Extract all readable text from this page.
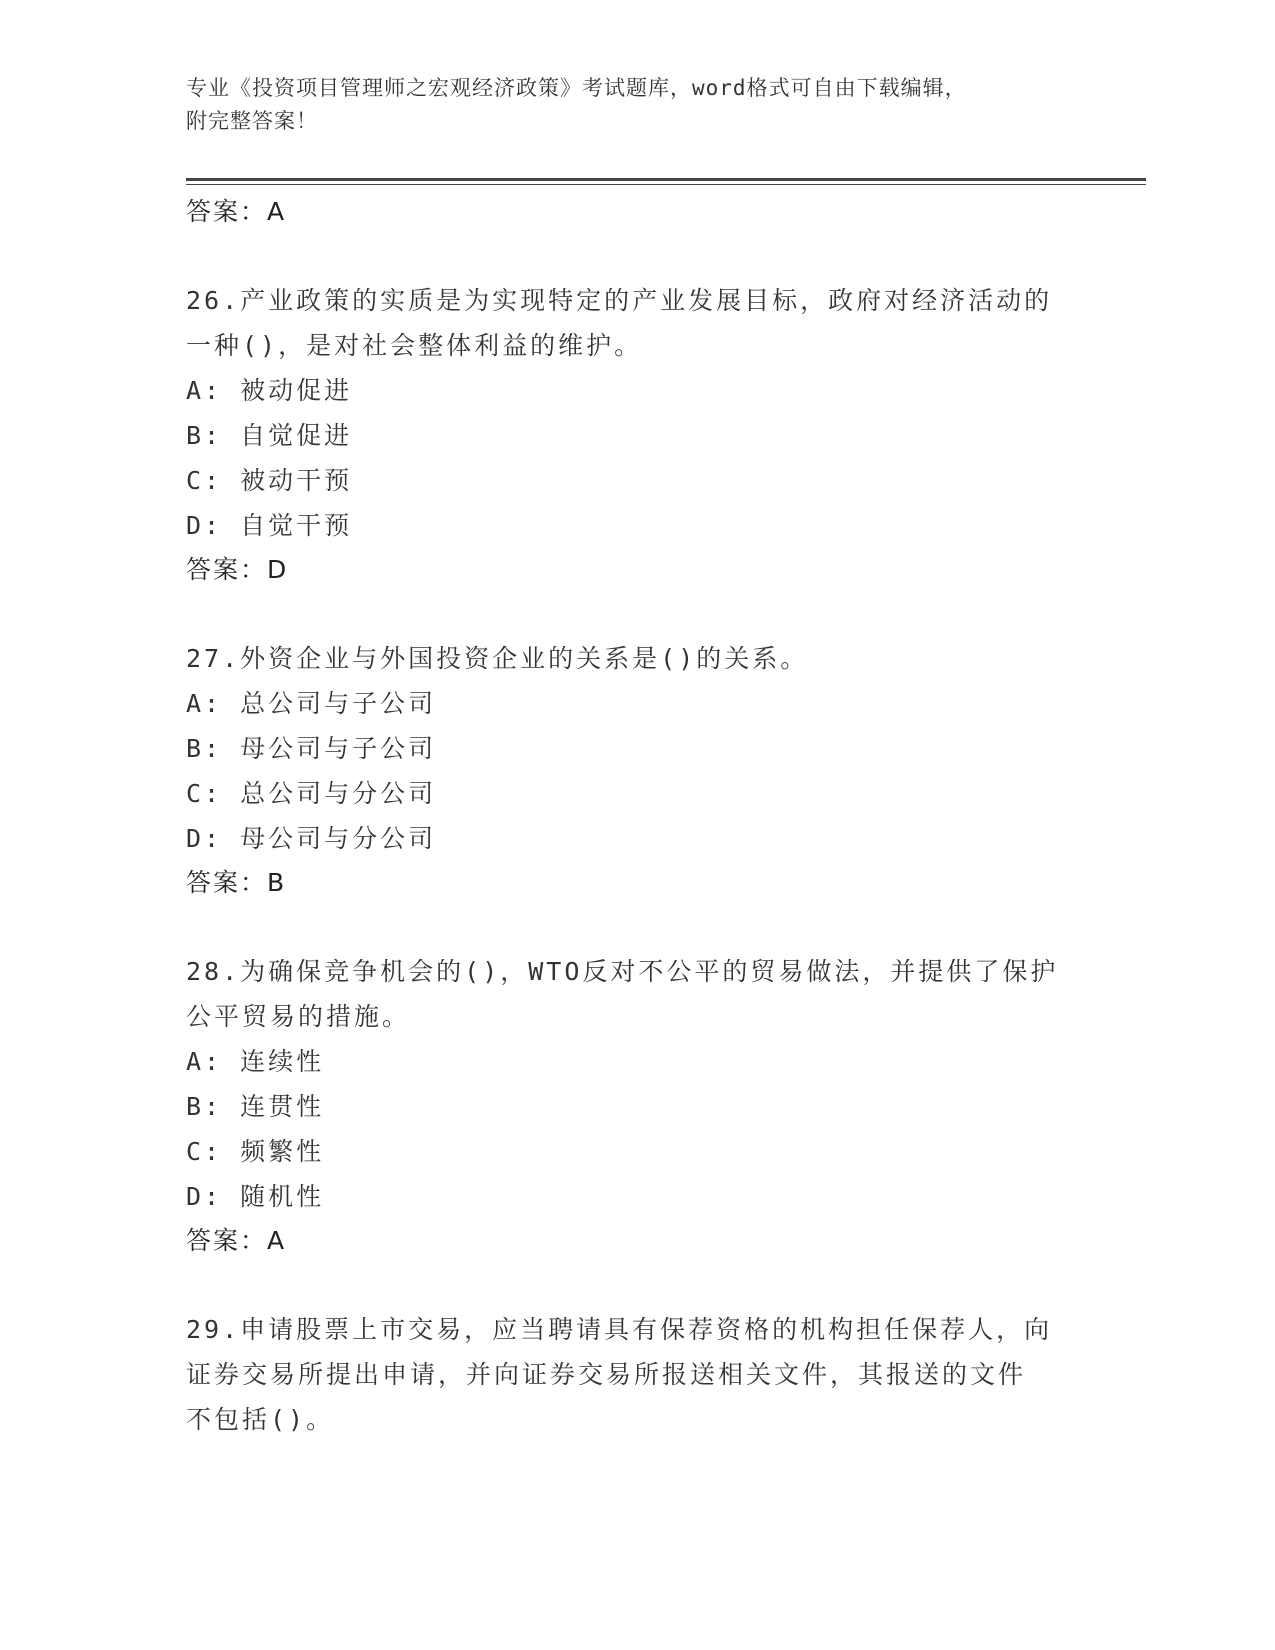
专业《投资项目管理师之宏观经济政策》考试题库，word格式可自由下载编辑，
附完整答案！
答案：A
26.产业政策的实质是为实现特定的产业发展目标，政府对经济活动的
一种()，是对社会整体利益的维护。
A: 被动促进
B: 自觉促进
C: 被动干预
D: 自觉干预
答案：D
27.外资企业与外国投资企业的关系是()的关系。
A: 总公司与子公司
B: 母公司与子公司
C: 总公司与分公司
D: 母公司与分公司
答案：B
28.为确保竞争机会的()，WTO反对不公平的贸易做法，并提供了保护
公平贸易的措施。
A: 连续性
B: 连贯性
C: 频繁性
D: 随机性
答案：A
29.申请股票上市交易，应当聘请具有保荐资格的机构担任保荐人，向
证券交易所提出申请，并向证券交易所报送相关文件，其报送的文件
不包括()。
